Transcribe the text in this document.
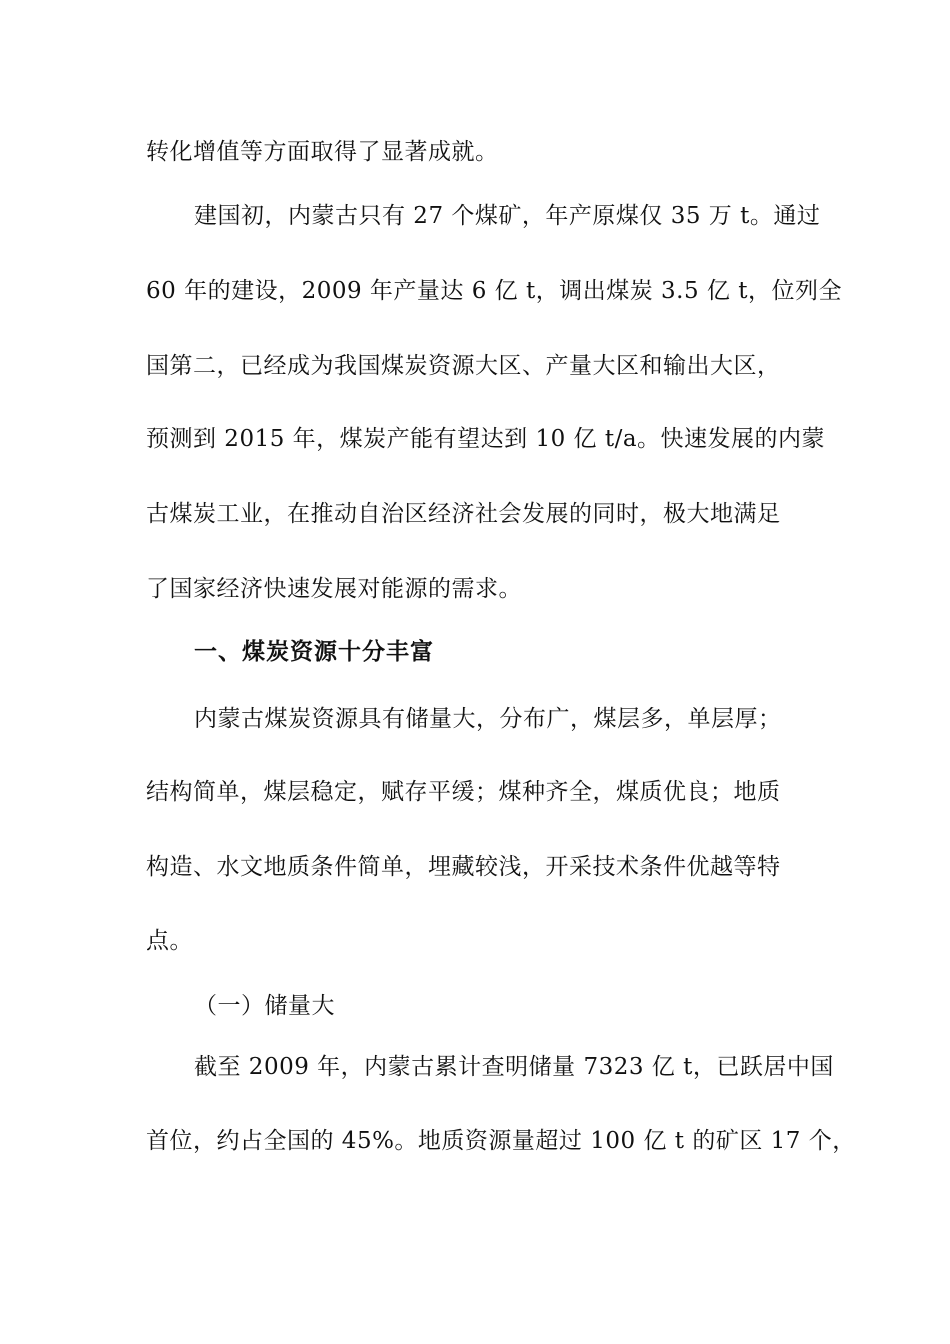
转化增值等方面取得了显著成就。
建国初，内蒙古只有 27 个煤矿，年产原煤仅 35 万 t。通过
60 年的建设，2009 年产量达 6 亿 t，调出煤炭 3.5 亿 t，位列全
国第二，已经成为我国煤炭资源大区、产量大区和输出大区，
预测到 2015 年，煤炭产能有望达到 10 亿 t/a。快速发展的内蒙
古煤炭工业，在推动自治区经济社会发展的同时，极大地满足
了国家经济快速发展对能源的需求。
一、煤炭资源十分丰富
内蒙古煤炭资源具有储量大，分布广，煤层多，单层厚；
结构简单，煤层稳定，赋存平缓；煤种齐全，煤质优良；地质
构造、水文地质条件简单，埋藏较浅，开采技术条件优越等特
点。
（一）储量大
截至 2009 年，内蒙古累计查明储量 7323 亿 t，已跃居中国
首位，约占全国的 45%。地质资源量超过 100 亿 t 的矿区 17 个，
